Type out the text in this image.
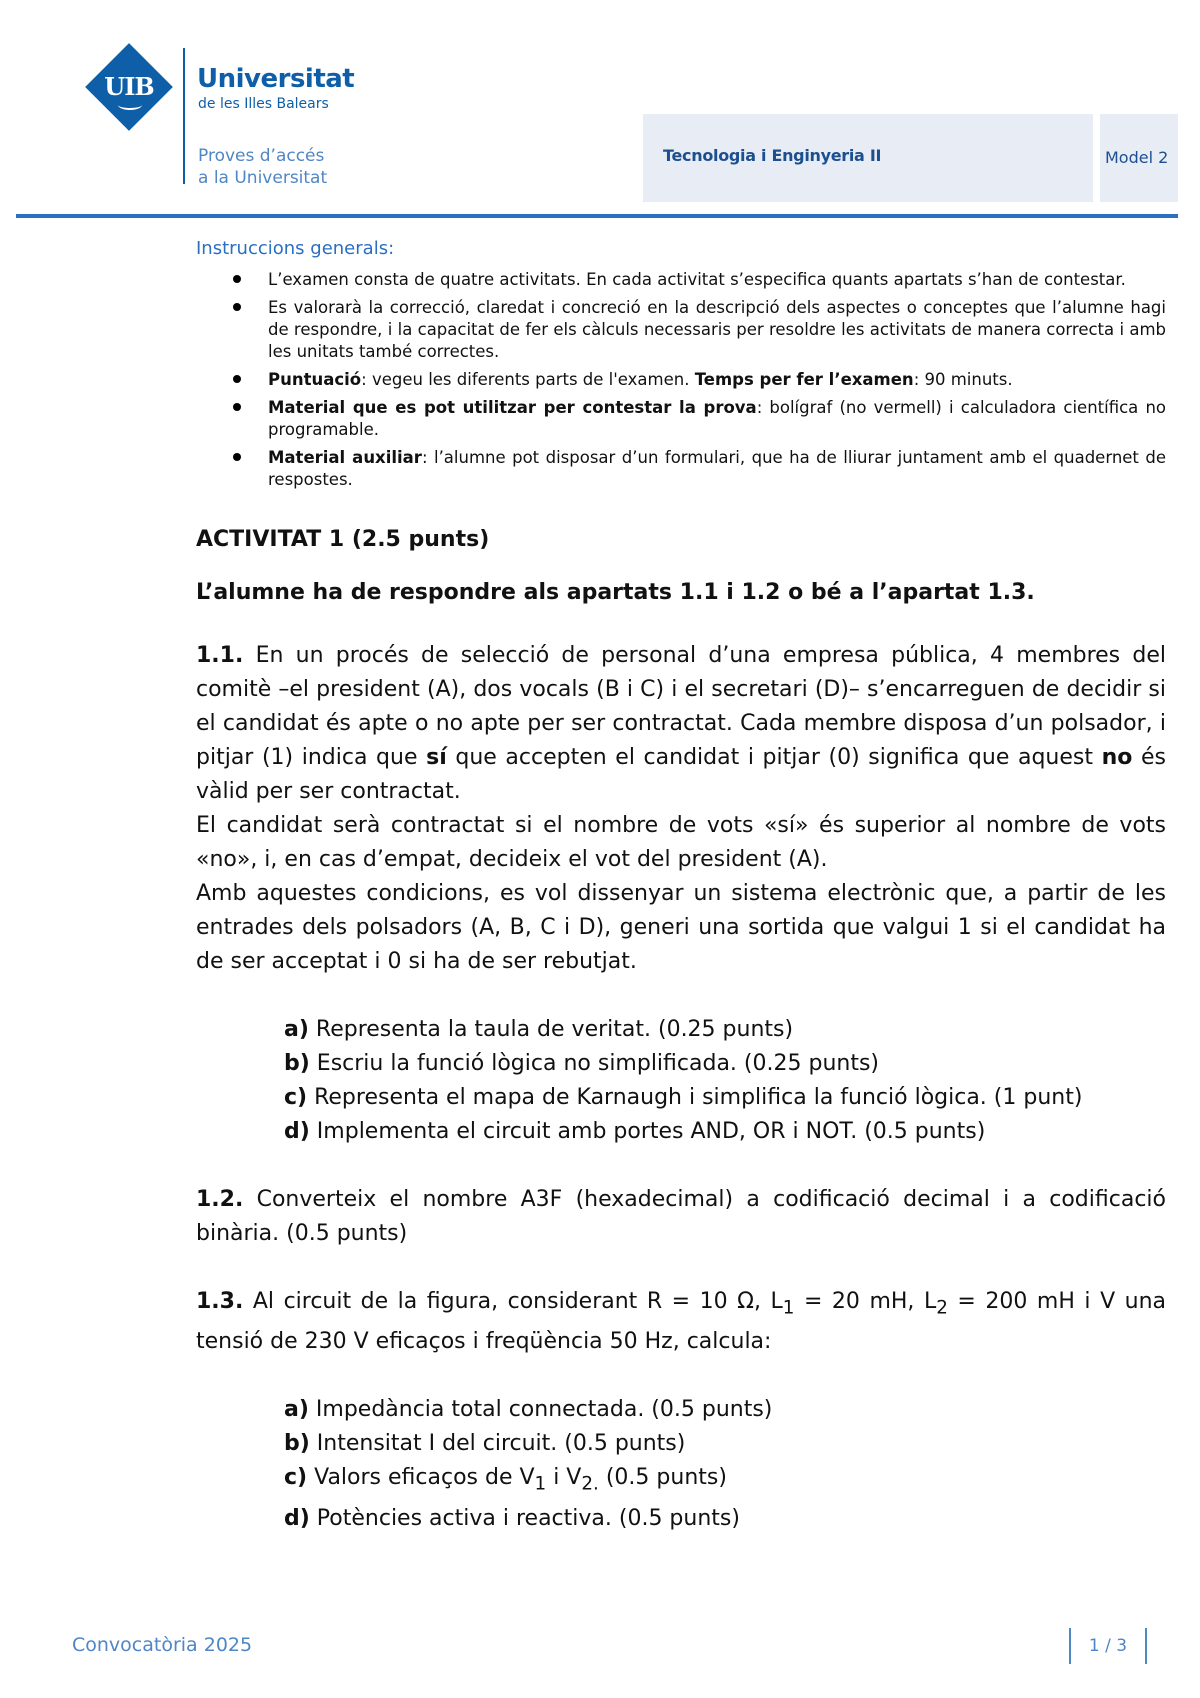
UIB	Universitat
de les Illes Balears
Proves d’accés
a la Universitat
Tecnologia i Enginyeria II	Model 2
Instruccions generals:
L’examen consta de quatre activitats. En cada activitat s’especifica quants apartats s’han de contestar.
Es valorarà la correcció, claredat i concreció en la descripció dels aspectes o conceptes que l’alumne hagi de respondre, i la capacitat de fer els càlculs necessaris per resoldre les activitats de manera correcta i amb les unitats també correctes.
Puntuació: vegeu les diferents parts de l'examen. Temps per fer l’examen: 90 minuts.
Material que es pot utilitzar per contestar la prova: bolígraf (no vermell) i calculadora científica no programable.
Material auxiliar: l’alumne pot disposar d’un formulari, que ha de lliurar juntament amb el quadernet de respostes.
ACTIVITAT 1 (2.5 punts)
L’alumne ha de respondre als apartats 1.1 i 1.2 o bé a l’apartat 1.3.

1.1. En un procés de selecció de personal d’una empresa pública, 4 membres del comitè –el president (A), dos vocals (B i C) i el secretari (D)– s’encarreguen de decidir si el candidat és apte o no apte per ser contractat. Cada membre disposa d’un polsador, i pitjar (1) indica que sí que accepten el candidat i pitjar (0) significa que aquest no és vàlid per ser contractat.

El candidat serà contractat si el nombre de vots «sí» és superior al nombre de vots «no», i, en cas d’empat, decideix el vot del president (A).

Amb aquestes condicions, es vol dissenyar un sistema electrònic que, a partir de les entrades dels polsadors (A, B, C i D), generi una sortida que valgui 1 si el candidat ha de ser acceptat i 0 si ha de ser rebutjat.

a) Representa la taula de veritat. (0.25 punts)
b) Escriu la funció lògica no simplificada. (0.25 punts)
c) Representa el mapa de Karnaugh i simplifica la funció lògica. (1 punt)
d) Implementa el circuit amb portes AND, OR i NOT. (0.5 punts)

1.2. Converteix el nombre A3F (hexadecimal) a codificació decimal i a codificació binària. (0.5 punts)

1.3. Al circuit de la figura, considerant R = 10 Ω, $L_1 = 20$ mH, $L_2 = 200$ mH i V una tensió de 230 V eficaços i freqüència 50 Hz, calcula:

a) Impedància total connectada. (0.5 punts)
b) Intensitat I del circuit. (0.5 punts)
c) Valors eficaços de $V_1$ i $V_{2.}$ (0.5 punts)
d) Potències activa i reactiva. (0.5 punts)
Convocatòria 2025	1 / 3
